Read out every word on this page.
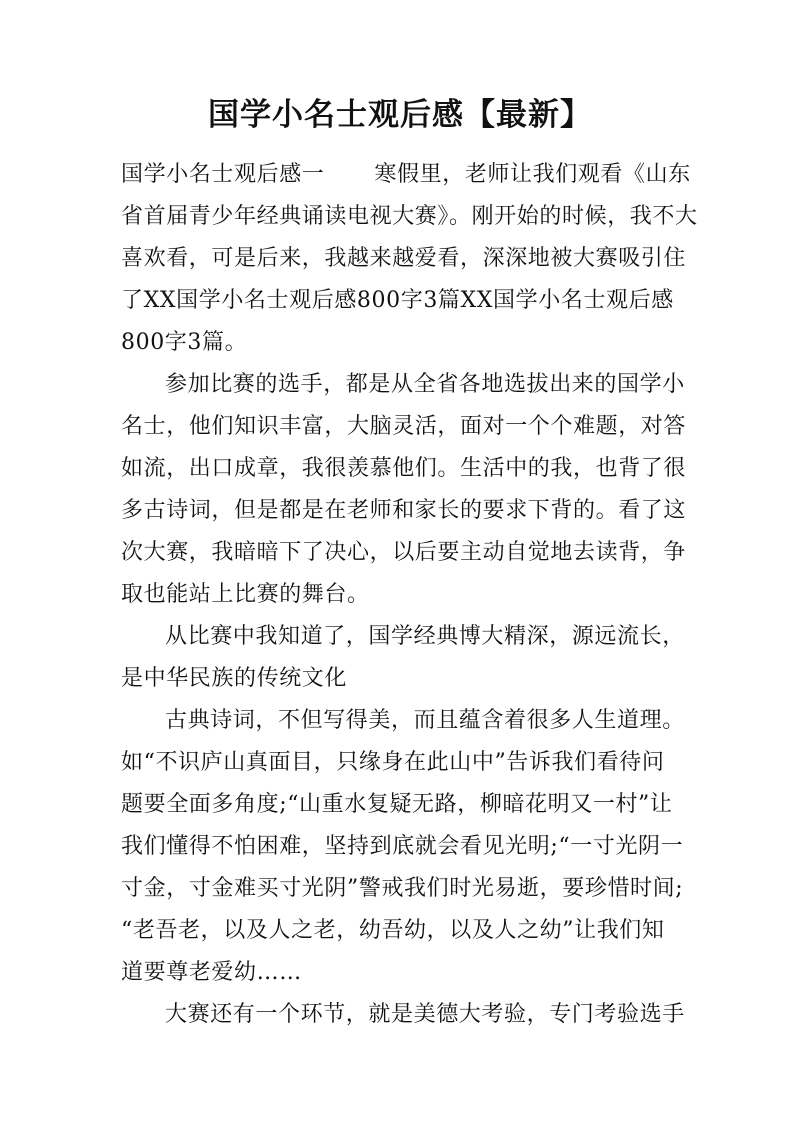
国学小名士观后感【最新】
国学小名士观后感一 寒假里，老师让我们观看《山东
省首届青少年经典诵读电视大赛》。刚开始的时候，我不大
喜欢看，可是后来，我越来越爱看，深深地被大赛吸引住
了XX国学小名士观后感800字3篇XX国学小名士观后感
800字3篇。
参加比赛的选手，都是从全省各地选拔出来的国学小
名士，他们知识丰富，大脑灵活，面对一个个难题，对答
如流，出口成章，我很羡慕他们。生活中的我，也背了很
多古诗词，但是都是在老师和家长的要求下背的。看了这
次大赛，我暗暗下了决心，以后要主动自觉地去读背，争
取也能站上比赛的舞台。
从比赛中我知道了，国学经典博大精深，源远流长，
是中华民族的传统文化
古典诗词，不但写得美，而且蕴含着很多人生道理。
如“不识庐山真面目，只缘身在此山中”告诉我们看待问
题要全面多角度;“山重水复疑无路，柳暗花明又一村”让
我们懂得不怕困难，坚持到底就会看见光明;“一寸光阴一
寸金，寸金难买寸光阴”警戒我们时光易逝，要珍惜时间;
“老吾老，以及人之老，幼吾幼，以及人之幼”让我们知
道要尊老爱幼……
大赛还有一个环节，就是美德大考验，专门考验选手
